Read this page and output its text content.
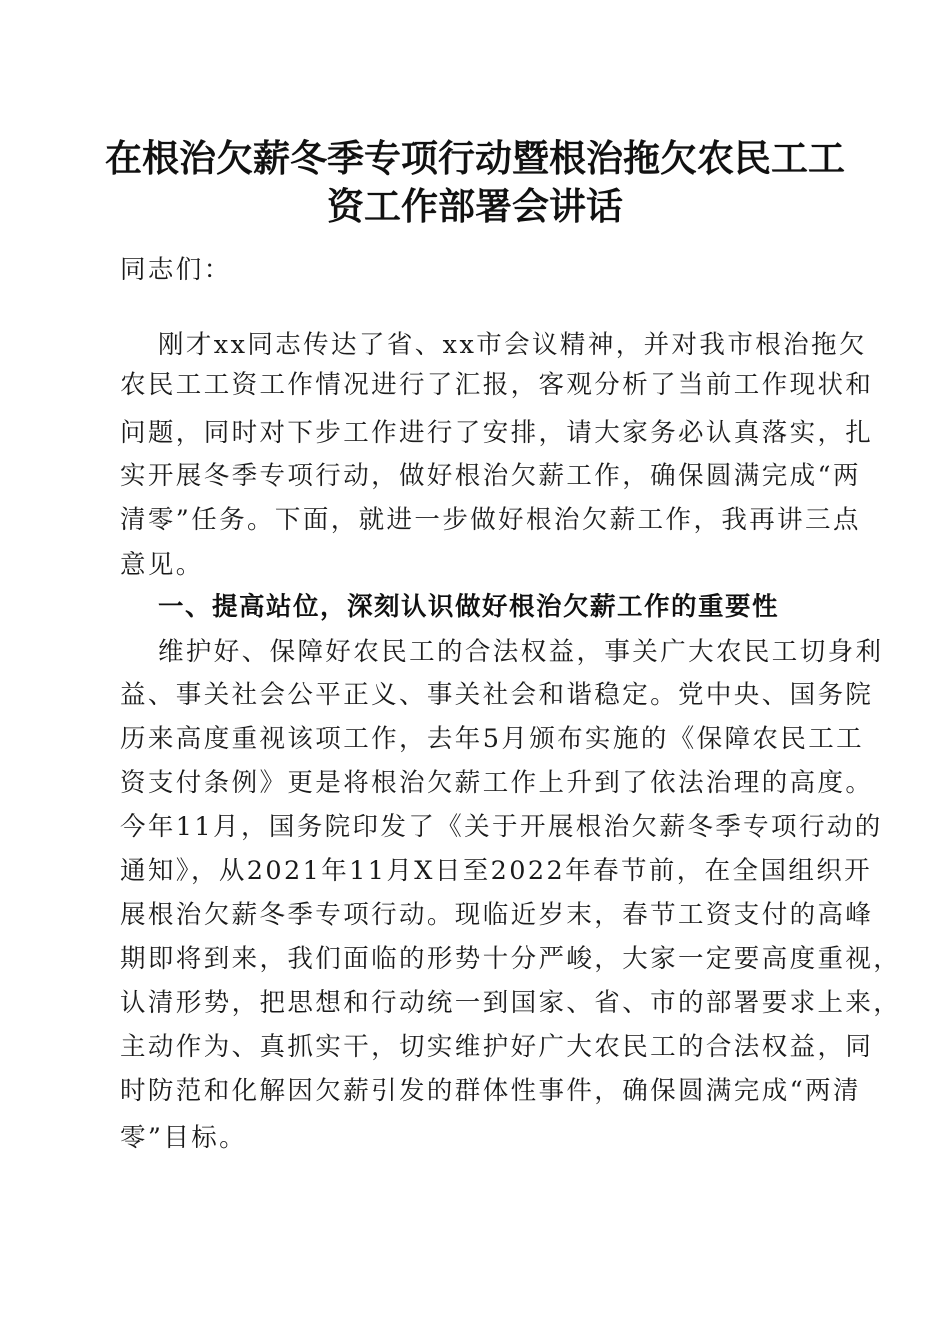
在根治欠薪冬季专项行动暨根治拖欠农民工工
资工作部署会讲话
同志们：
刚才xx同志传达了省、xx市会议精神，并对我市根治拖欠
农民工工资工作情况进行了汇报，客观分析了当前工作现状和
问题，同时对下步工作进行了安排，请大家务必认真落实，扎
实开展冬季专项行动，做好根治欠薪工作，确保圆满完成“两
清零”任务。下面，就进一步做好根治欠薪工作，我再讲三点
意见。
一、提高站位，深刻认识做好根治欠薪工作的重要性
维护好、保障好农民工的合法权益，事关广大农民工切身利
益、事关社会公平正义、事关社会和谐稳定。党中央、国务院
历来高度重视该项工作，去年5月颁布实施的《保障农民工工
资支付条例》更是将根治欠薪工作上升到了依法治理的高度。
今年11月，国务院印发了《关于开展根治欠薪冬季专项行动的
通知》，从2021年11月X日至2022年春节前，在全国组织开
展根治欠薪冬季专项行动。现临近岁末，春节工资支付的高峰
期即将到来，我们面临的形势十分严峻，大家一定要高度重视，
认清形势，把思想和行动统一到国家、省、市的部署要求上来，
主动作为、真抓实干，切实维护好广大农民工的合法权益，同
时防范和化解因欠薪引发的群体性事件，确保圆满完成“两清
零”目标。
